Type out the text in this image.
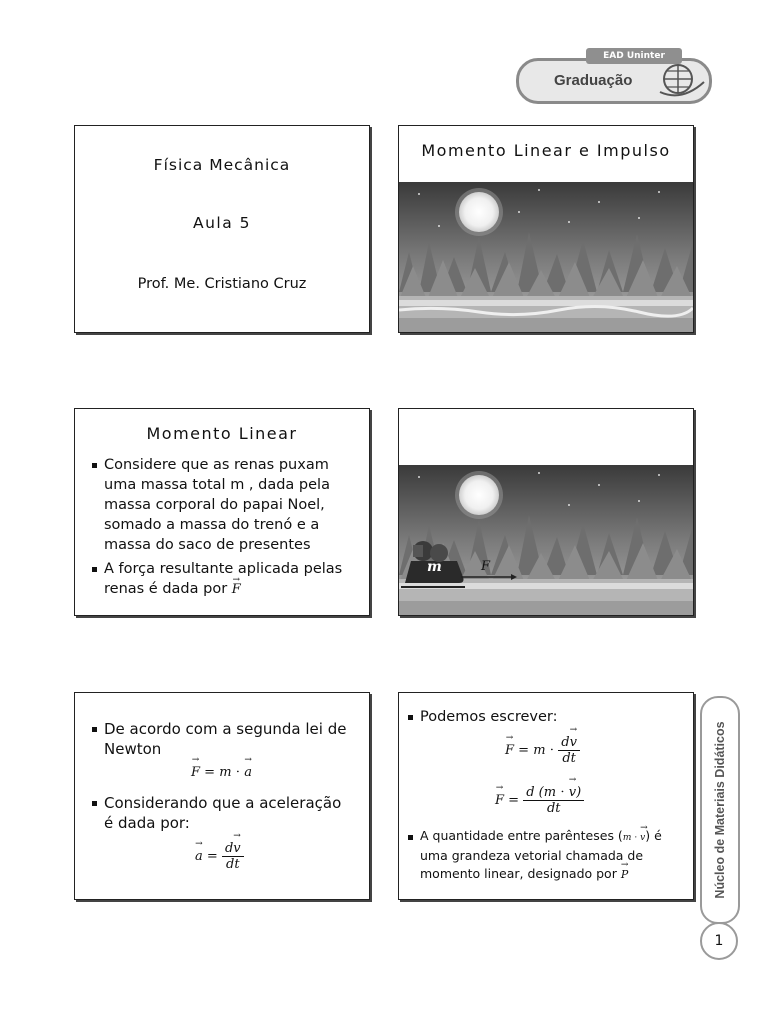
EAD Uninter
Graduação
Física Mecânica
Aula 5
Prof. Me. Cristiano Cruz
Momento Linear e Impulso
Momento Linear
Considere que as renas puxam uma massa total m , dada pela massa corporal do papai Noel, somado a massa do trenó e a massa do saco de presentes
A força resultante aplicada pelas renas é dada por F →
m	F
De acordo com a segunda lei de Newton
F → = m ⋅ a →
Considerando que a aceleração é dada por:
a → = $\frac{dv \to}{dt}$
Podemos escrever:
F → = $m \cdot \frac{dv \to}{dt}$
F → = $\frac{d (m \cdot v \to)}{dt}$
A quantidade entre parênteses (m ⋅ v →) é uma grandeza vetorial chamada de momento linear, designado por P →	Núcleo de Materiais Didáticos
1
